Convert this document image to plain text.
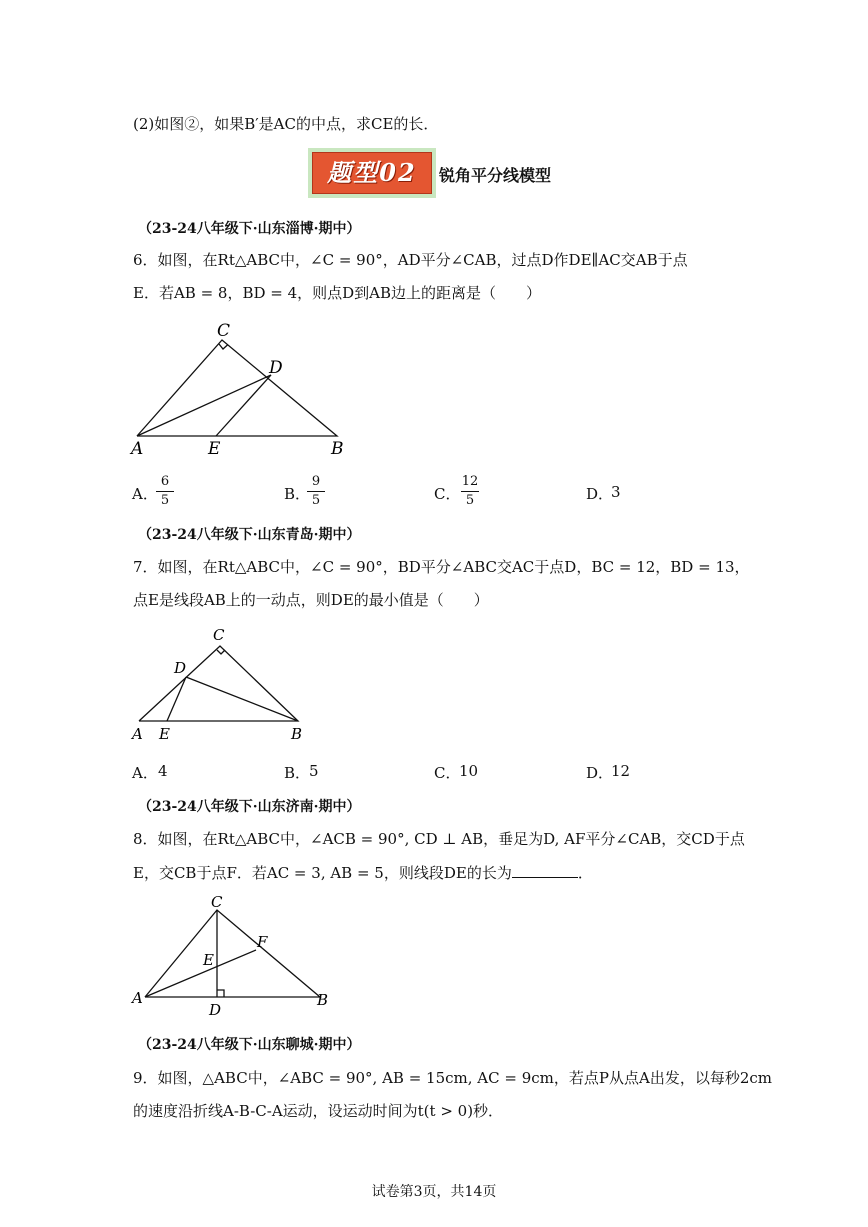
(2)如图②，如果B′是AC的中点，求CE的长．
题型02	锐角平分线模型
（23-24八年级下·山东淄博·期中）
6．如图，在Rt△ABC中，∠C = 90°，AD平分∠CAB，过点D作DE∥AC交AB于点
E．若AB = 8，BD = 4，则点D到AB边上的距离是（　　）
C
D
A	E	B
A．
6
5	B．
9
5	C．
12
5	D．
3
（23-24八年级下·山东青岛·期中）
7．如图，在Rt△ABC中，∠C = 90°，BD平分∠ABC交AC于点D，BC = 12，BD = 13，
点E是线段AB上的一动点，则DE的最小值是（　　）
C
D
A E	B
A． 4	B．
5	C．
10	D．
12
（23-24八年级下·山东济南·期中）
8．如图，在Rt△ABC中，∠ACB = 90°, CD ⊥ AB，垂足为D, AF平分∠CAB，交CD于点
E，交CB于点F．若AC = 3, AB = 5，则线段DE的长为	．
C
F
E
A
D
B
（23-24八年级下·山东聊城·期中）
9．如图，△ABC中，∠ABC = 90°, AB = 15cm, AC = 9cm，若点P从点A出发，以每秒2cm
的速度沿折线A-B-C-A运动，设运动时间为t(t > 0)秒．
试卷第3页，共14页
